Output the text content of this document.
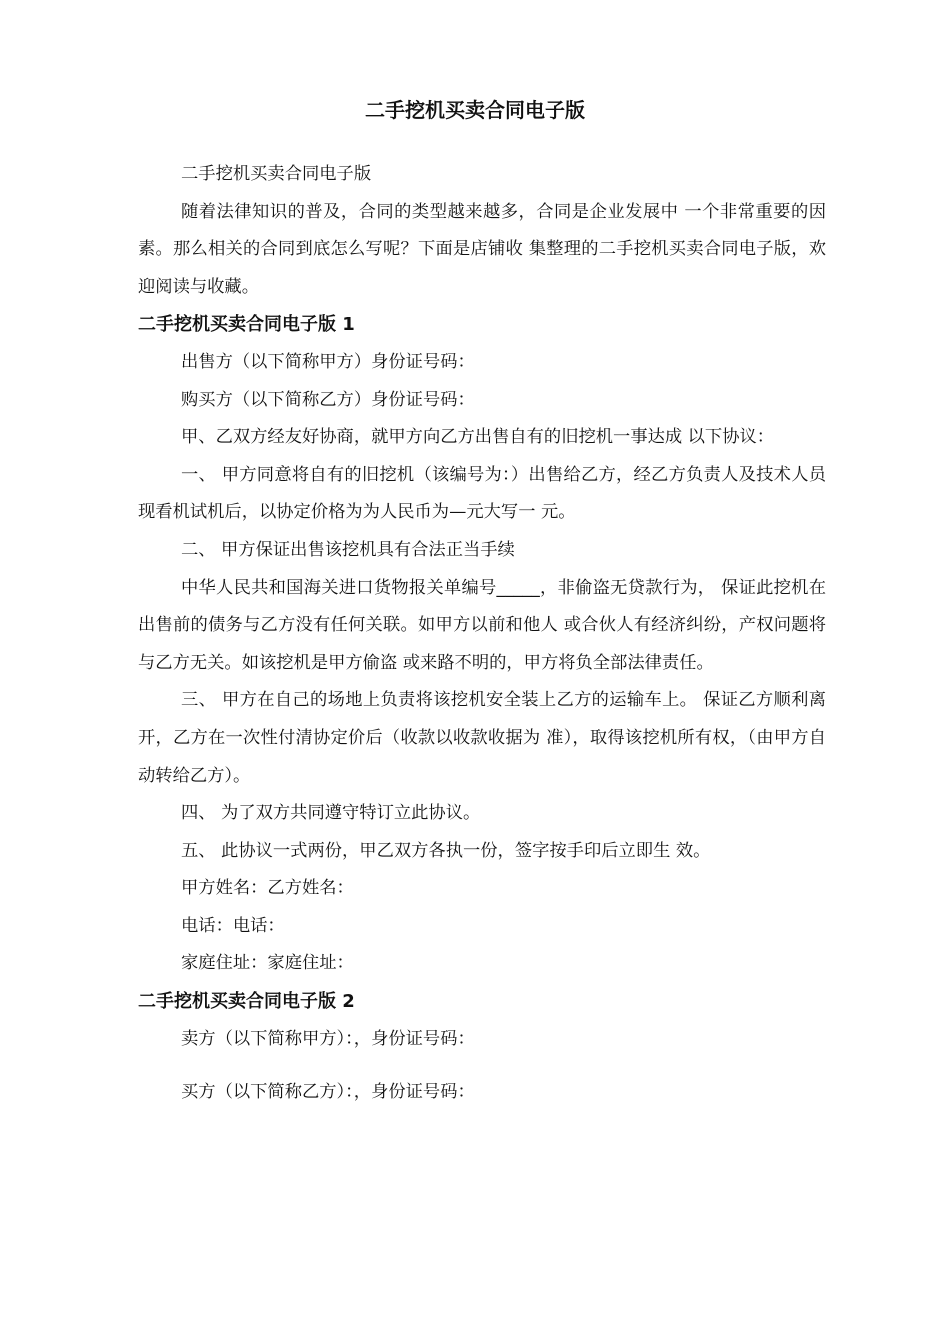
二手挖机买卖合同电子版

二手挖机买卖合同电子版

随着法律知识的普及，合同的类型越来越多，合同是企业发展中 一个非常重要的因素。那么相关的合同到底怎么写呢？下面是店铺收 集整理的二手挖机买卖合同电子版，欢迎阅读与收藏。

二手挖机买卖合同电子版 1

出售方（以下简称甲方）身份证号码：

购买方（以下简称乙方）身份证号码：

甲、乙双方经友好协商，就甲方向乙方出售自有的旧挖机一事达成 以下协议：

一、 甲方同意将自有的旧挖机（该编号为：）出售给乙方，经乙方负责人及技术人员现看机试机后，以协定价格为为人民币为—元大写一 元。

二、 甲方保证出售该挖机具有合法正当手续

中华人民共和国海关进口货物报关单编号_____，非偷盗无贷款行为， 保证此挖机在出售前的债务与乙方没有任何关联。如甲方以前和他人 或合伙人有经济纠纷，产权问题将与乙方无关。如该挖机是甲方偷盗 或来路不明的，甲方将负全部法律责任。

三、 甲方在自己的场地上负责将该挖机安全装上乙方的运输车上。 保证乙方顺利离开，乙方在一次性付清协定价后（收款以收款收据为 准），取得该挖机所有权，（由甲方自动转给乙方）。

四、 为了双方共同遵守特订立此协议。

五、 此协议一式两份，甲乙双方各执一份，签字按手印后立即生 效。

甲方姓名：乙方姓名：

电话：电话：

家庭住址：家庭住址：

二手挖机买卖合同电子版 2

卖方（以下简称甲方）：，身份证号码：

买方（以下简称乙方）：，身份证号码：
